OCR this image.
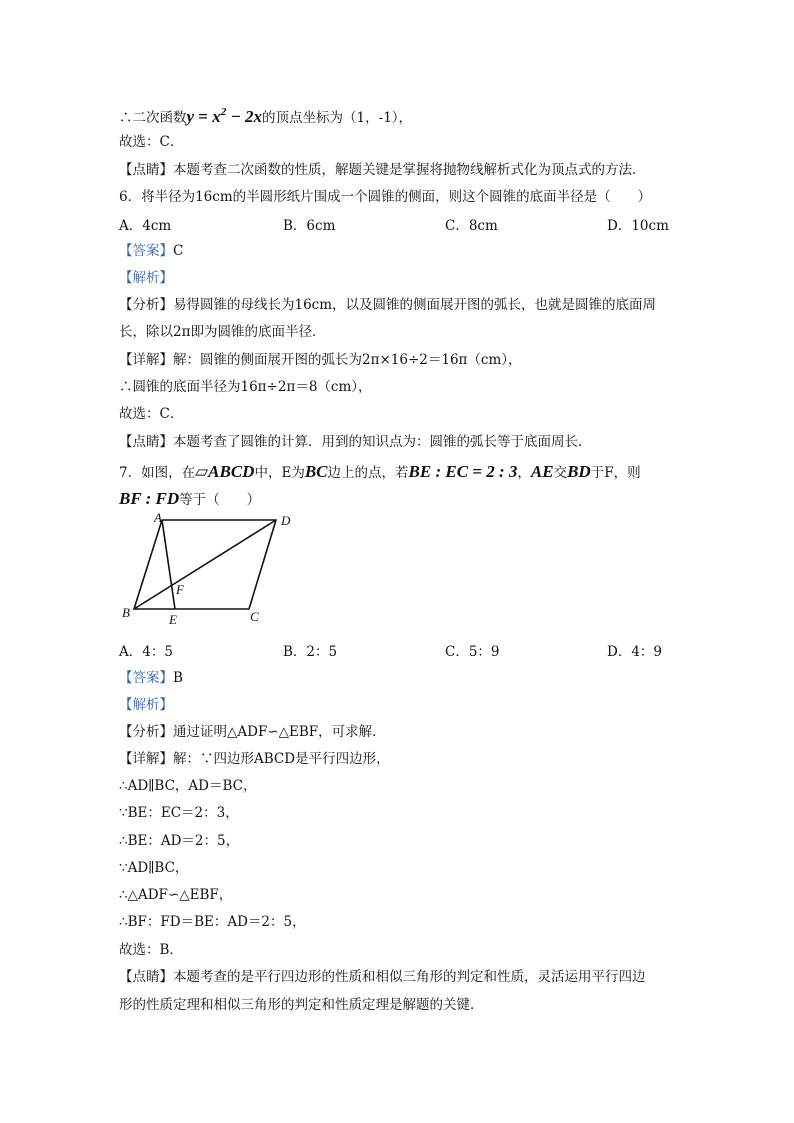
∴二次函数$y = x^2 - 2x$的顶点坐标为（1，-1），
故选：C．
【点睛】本题考查二次函数的性质，解题关键是掌握将抛物线解析式化为顶点式的方法．
6．将半径为16cm的半圆形纸片围成一个圆锥的侧面，则这个圆锥的底面半径是（　　）
A．4cm	B．6cm	C．8cm	D．10cm
【答案】C
【解析】
【分析】易得圆锥的母线长为16cm，以及圆锥的侧面展开图的弧长，也就是圆锥的底面周
长，除以2π即为圆锥的底面半径．
【详解】解：圆锥的侧面展开图的弧长为2π×16÷2＝16π（cm），
∴圆锥的底面半径为16π÷2π＝8（cm），
故选：C．
【点睛】本题考查了圆锥的计算．用到的知识点为：圆锥的弧长等于底面周长．
7．如图，在▱ABCD中，E为BC边上的点，若BE : EC = 2 : 3，AE交BD于F，则
BF : FD等于（　　）
A	D
B	C
E
F
A．4：5	B．2：5	C．5：9	D．4：9
【答案】B
【解析】
【分析】通过证明△ADF∽△EBF，可求解．
【详解】解：∵四边形ABCD是平行四边形，
∴AD∥BC，AD＝BC，
∵BE：EC＝2：3，
∴BE：AD＝2：5，
∵AD∥BC，
∴△ADF∽△EBF，
∴BF：FD＝BE：AD＝2：5，
故选：B．
【点睛】本题考查的是平行四边形的性质和相似三角形的判定和性质，灵活运用平行四边
形的性质定理和相似三角形的判定和性质定理是解题的关键．
